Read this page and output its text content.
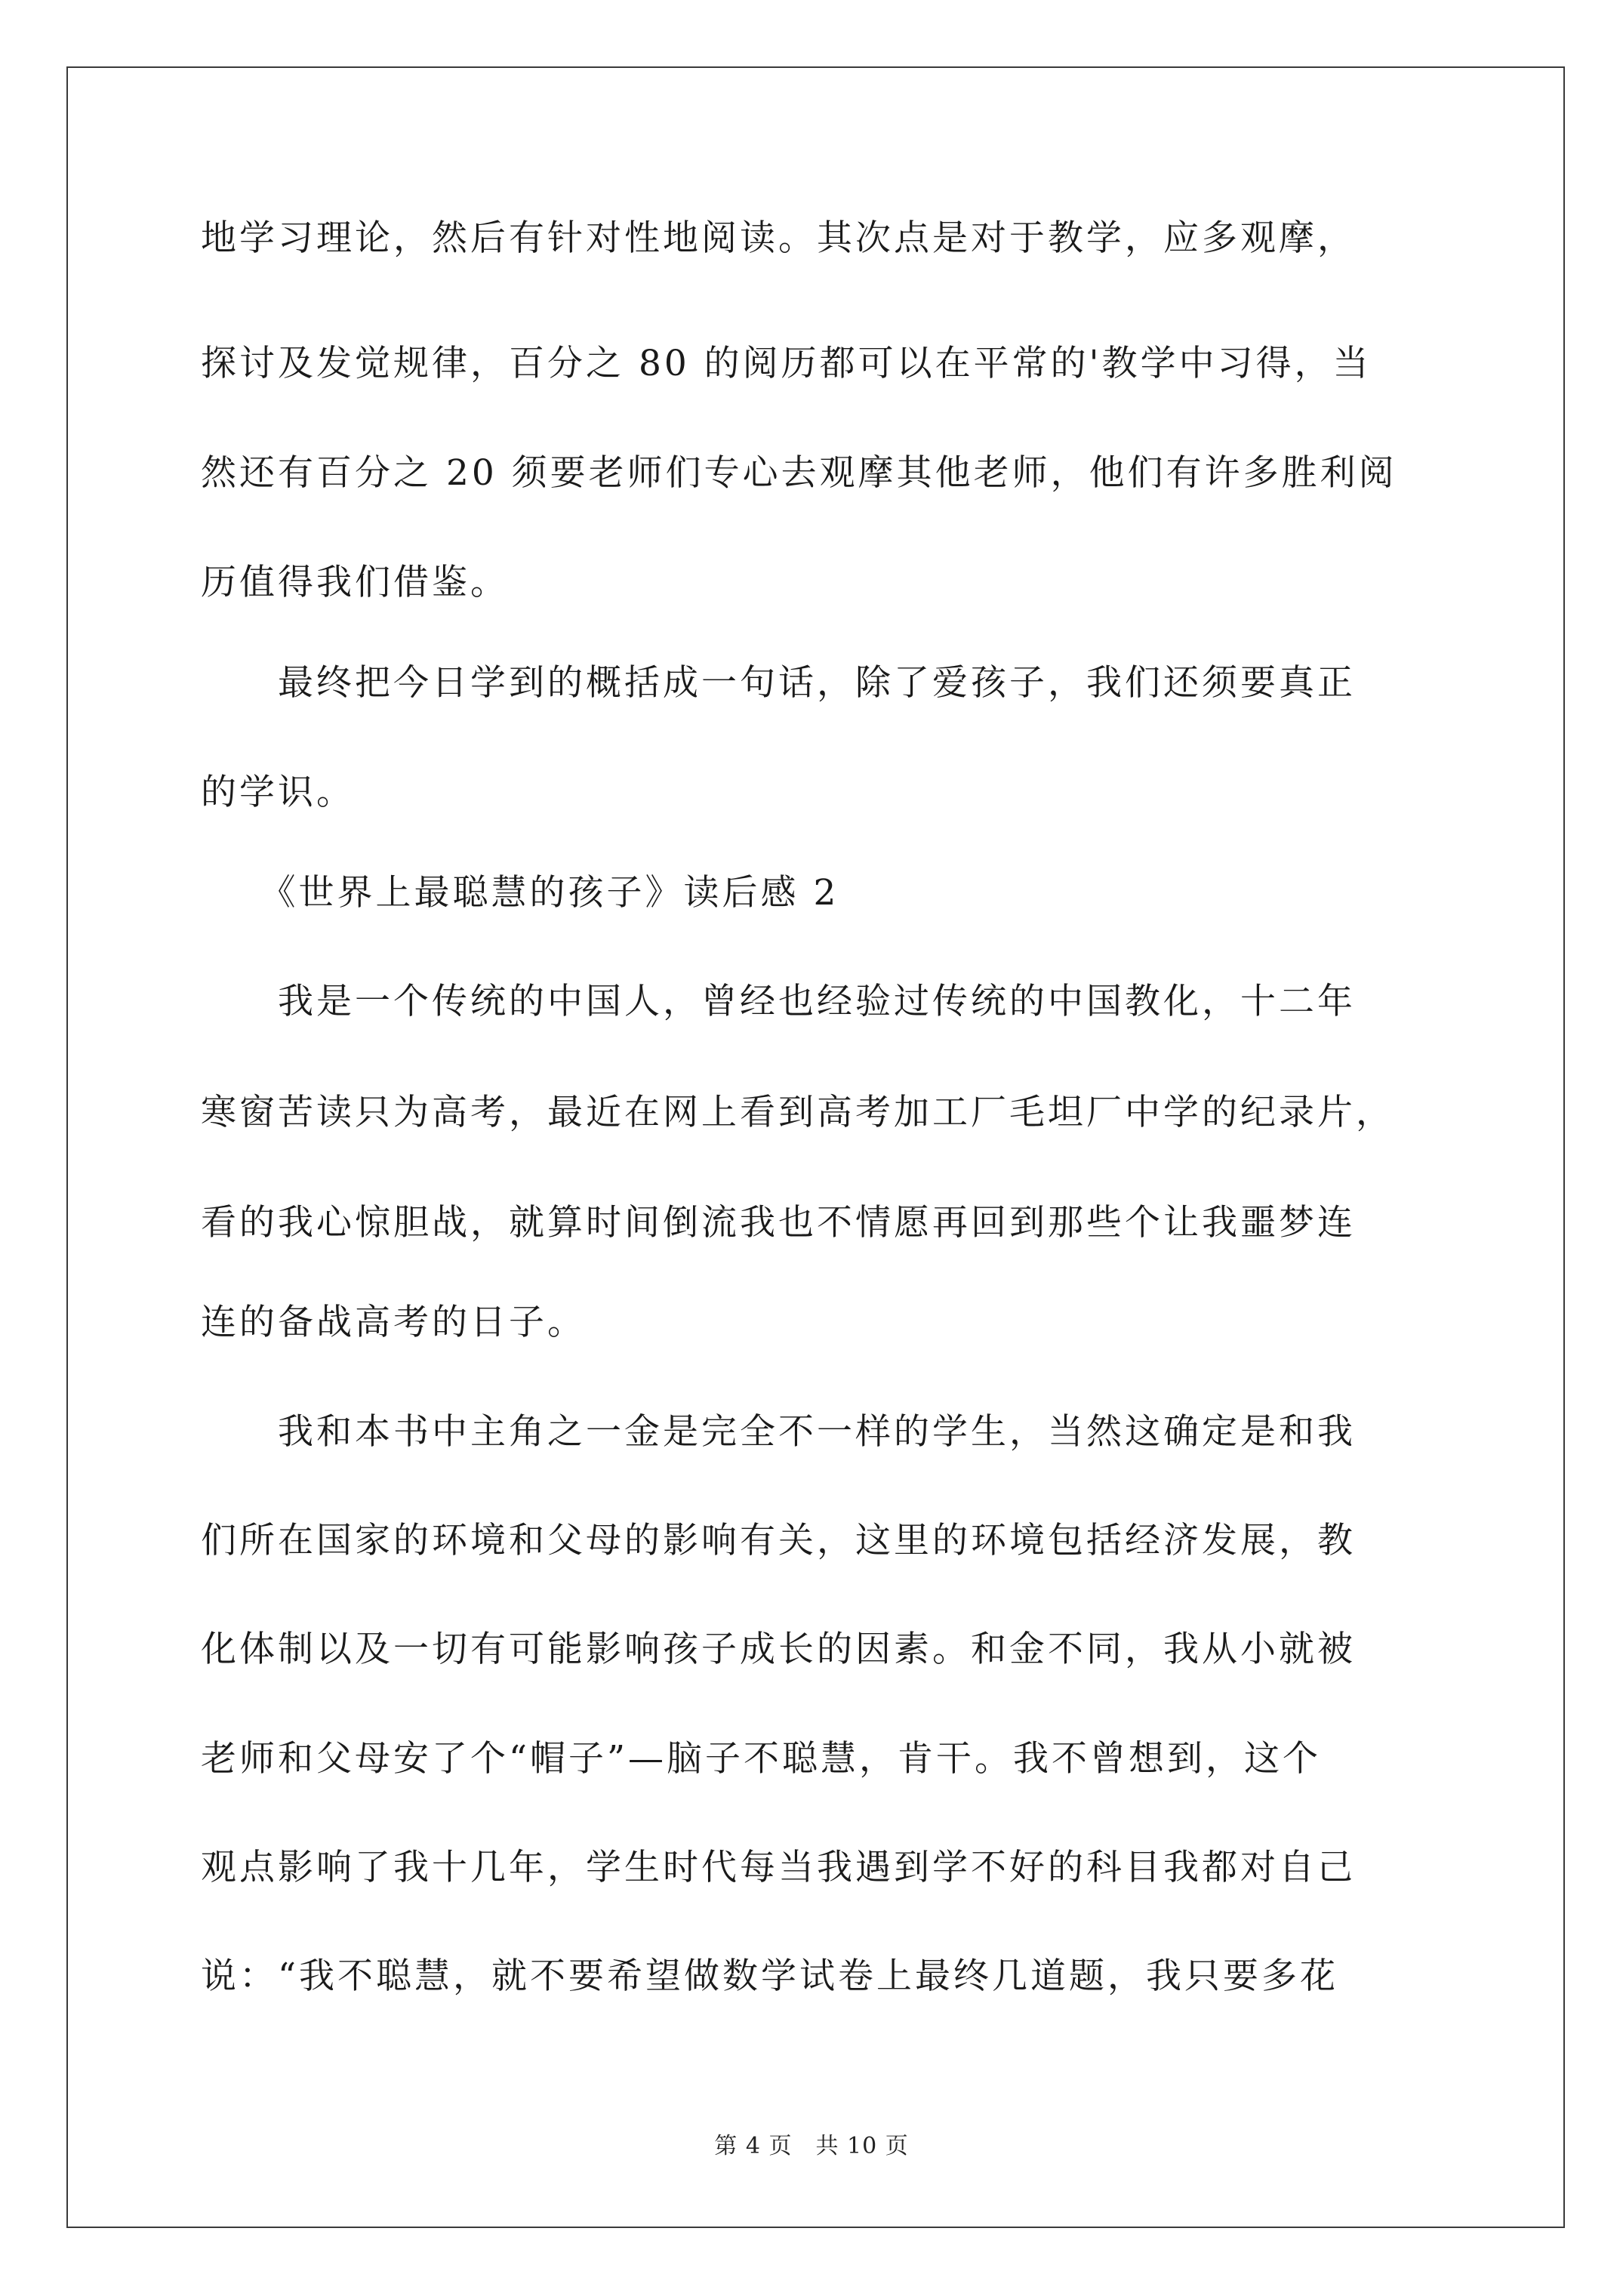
地学习理论，然后有针对性地阅读。其次点是对于教学，应多观摩，
探讨及发觉规律，百分之 80 的阅历都可以在平常的'教学中习得，当
然还有百分之 20 须要老师们专心去观摩其他老师，他们有许多胜利阅
历值得我们借鉴。
　　最终把今日学到的概括成一句话，除了爱孩子，我们还须要真正
的学识。
　　《世界上最聪慧的孩子》读后感 2
　　我是一个传统的中国人，曾经也经验过传统的中国教化，十二年
寒窗苦读只为高考，最近在网上看到高考加工厂毛坦厂中学的纪录片，
看的我心惊胆战，就算时间倒流我也不情愿再回到那些个让我噩梦连
连的备战高考的日子。
　　我和本书中主角之一金是完全不一样的学生，当然这确定是和我
们所在国家的环境和父母的影响有关，这里的环境包括经济发展，教
化体制以及一切有可能影响孩子成长的因素。和金不同，我从小就被
老师和父母安了个“帽子”—脑子不聪慧，肯干。我不曾想到，这个
观点影响了我十几年，学生时代每当我遇到学不好的科目我都对自己
说：“我不聪慧，就不要希望做数学试卷上最终几道题，我只要多花
第 4 页　共 10 页
